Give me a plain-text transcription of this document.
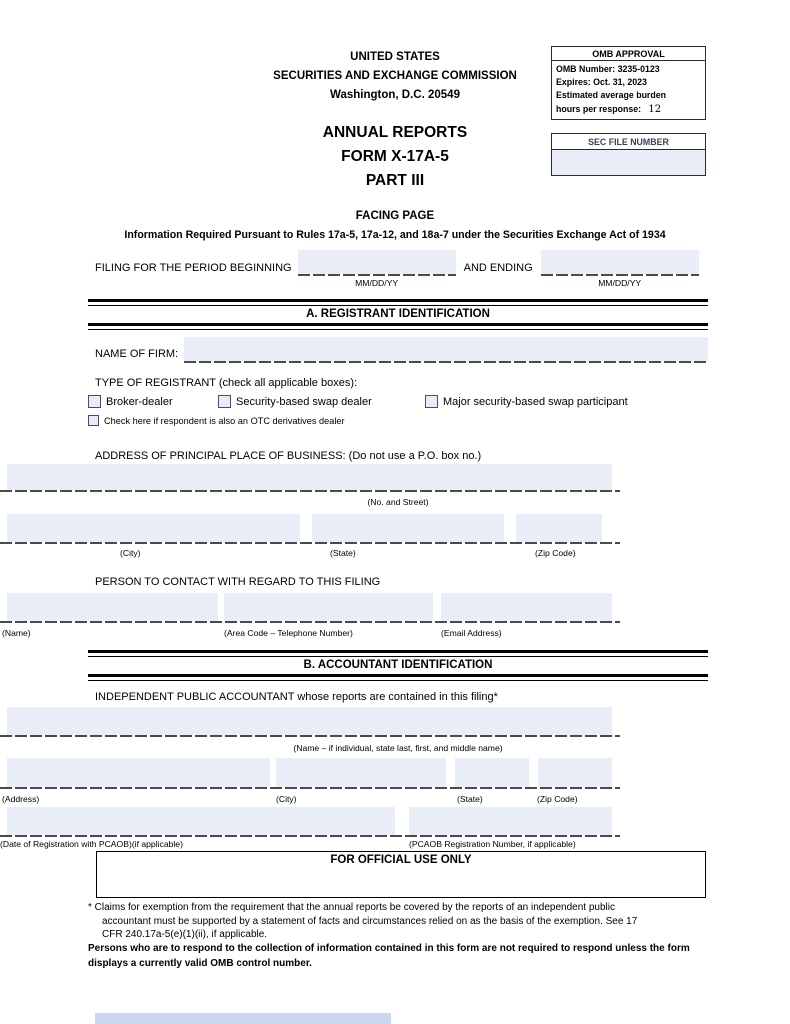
UNITED STATES
SECURITIES AND EXCHANGE COMMISSION
Washington, D.C. 20549
ANNUAL REPORTS
FORM X-17A-5
PART III
OMB APPROVAL
OMB Number: 3235-0123
Expires: Oct. 31, 2023
Estimated average burden
hours per response: 12
SEC FILE NUMBER
FACING PAGE
Information Required Pursuant to Rules 17a-5, 17a-12, and 18a-7 under the Securities Exchange Act of 1934
FILING FOR THE PERIOD BEGINNING
MM/DD/YY
AND ENDING
MM/DD/YY
A. REGISTRANT IDENTIFICATION
NAME OF FIRM:
TYPE OF REGISTRANT (check all applicable boxes):
Broker-dealer	Security-based swap dealer	Major security-based swap participant
Check here if respondent is also an OTC derivatives dealer
ADDRESS OF PRINCIPAL PLACE OF BUSINESS: (Do not use a P.O. box no.)
(No. and Street)
(City)	(State)	(Zip Code)
PERSON TO CONTACT WITH REGARD TO THIS FILING
(Name)	(Area Code – Telephone Number)	(Email Address)
B. ACCOUNTANT IDENTIFICATION
INDEPENDENT PUBLIC ACCOUNTANT whose reports are contained in this filing*
(Name – if individual, state last, first, and middle name)
(Address)	(City)	(State)	(Zip Code)
(Date of Registration with PCAOB)(if applicable)	(PCAOB Registration Number, if applicable)
FOR OFFICIAL USE ONLY
* Claims for exemption from the requirement that the annual reports be covered by the reports of an independent public
accountant must be supported by a statement of facts and circumstances relied on as the basis of the exemption. See 17
CFR 240.17a-5(e)(1)(ii), if applicable.
Persons who are to respond to the collection of information contained in this form are not required to respond unless the form displays a currently valid OMB control number.
